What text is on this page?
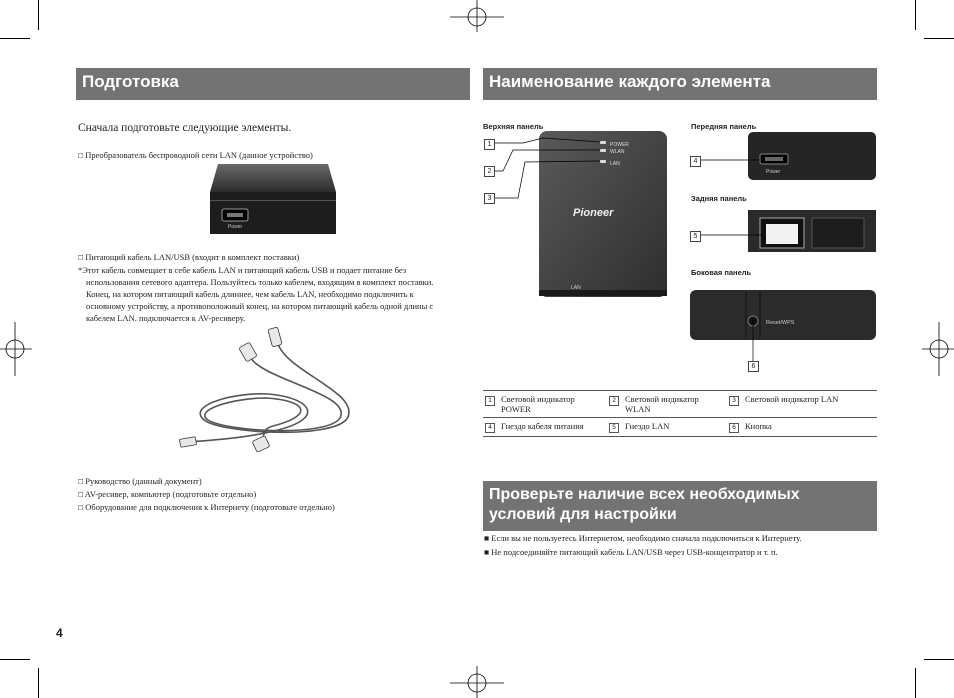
Подготовка
Сначала подготовьте следующие элементы.
□ Преобразователь беспроводной сети LAN (данное устройство)
Power
□ Питающий кабель LAN/USB (входит в комплект поставки)
*Этот кабель совмещает в себе кабель LAN и питающий кабель USB и подает питание без
использования сетевого адаптера. Пользуйтесь только кабелем, входящим в комплект поставки.
Конец, на котором питающий кабель длиннее, чем кабель LAN, необходимо подключить к
основному устройству, а противоположный конец, на котором питающий кабель одной длины с
кабелем LAN. подключается к AV-ресиверу.
□ Руководство (данный документ)
□ AV-ресивер, компьютер (подготовьте отдельно)
□ Оборудование для подключения к Интернету (подготовьте отдельно)
4
Наименование каждого элемента
Верхняя панель	Передняя панель
Задняя панель
Боковая панель
POWER
WLAN
LAN
Pioneer
LAN
1
2
3
Power
4
5
Reset/WPS
6
1	Световой индикатор POWER	2	Световой индикатор WLAN	3	Световой индикатор LAN
4	Гнездо кабеля питания	5	Гнездо LAN	6	Кнопка
Проверьте наличие всех необходимых
условий для настройки
■ Если вы не пользуетесь Интернетом, необходимо сначала подключиться к Интернету.
■ Не подсоединяйте питающий кабель LAN/USB через USB-концентратор и т. п.
